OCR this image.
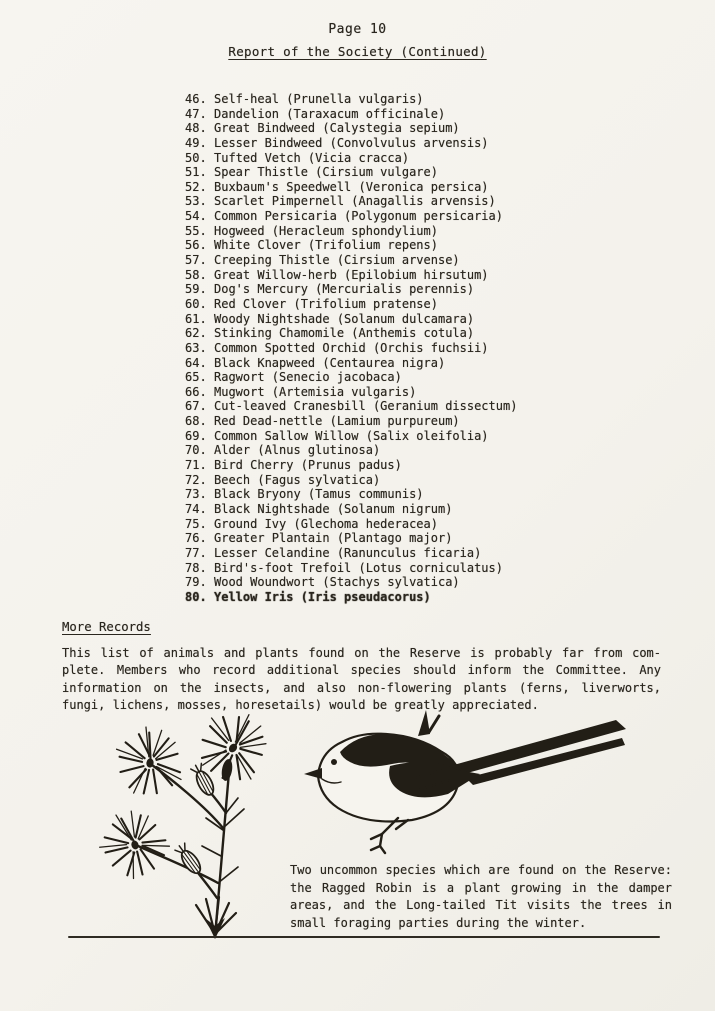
Page 10
Report of the Society (Continued)
46. Self-heal (Prunella vulgaris)
47. Dandelion (Taraxacum officinale)
48. Great Bindweed (Calystegia sepium)
49. Lesser Bindweed (Convolvulus arvensis)
50. Tufted Vetch (Vicia cracca)
51. Spear Thistle (Cirsium vulgare)
52. Buxbaum's Speedwell (Veronica persica)
53. Scarlet Pimpernell (Anagallis arvensis)
54. Common Persicaria (Polygonum persicaria)
55. Hogweed (Heracleum sphondylium)
56. White Clover (Trifolium repens)
57. Creeping Thistle (Cirsium arvense)
58. Great Willow-herb (Epilobium hirsutum)
59. Dog's Mercury (Mercurialis perennis)
60. Red Clover (Trifolium pratense)
61. Woody Nightshade (Solanum dulcamara)
62. Stinking Chamomile (Anthemis cotula)
63. Common Spotted Orchid (Orchis fuchsii)
64. Black Knapweed (Centaurea nigra)
65. Ragwort (Senecio jacobaca)
66. Mugwort (Artemisia vulgaris)
67. Cut-leaved Cranesbill (Geranium dissectum)
68. Red Dead-nettle (Lamium purpureum)
69. Common Sallow Willow (Salix oleifolia)
70. Alder (Alnus glutinosa)
71. Bird Cherry (Prunus padus)
72. Beech (Fagus sylvatica)
73. Black Bryony (Tamus communis)
74. Black Nightshade (Solanum nigrum)
75. Ground Ivy (Glechoma hederacea)
76. Greater Plantain (Plantago major)
77. Lesser Celandine (Ranunculus ficaria)
78. Bird's-foot Trefoil (Lotus corniculatus)
79. Wood Woundwort (Stachys sylvatica)
80. Yellow Iris (Iris pseudacorus)
More Records
This list of animals and plants found on the Reserve is probably far from com-
plete. Members who record additional species should inform the Committee. Any
information on the insects, and also non-flowering plants (ferns, liverworts,
fungi, lichens, mosses, horesetails) would be greatly appreciated.
Two uncommon species which are found on the Reserve:
the Ragged Robin is a plant growing in the damper
areas, and the Long-tailed Tit visits the trees in
small foraging parties during the winter.
